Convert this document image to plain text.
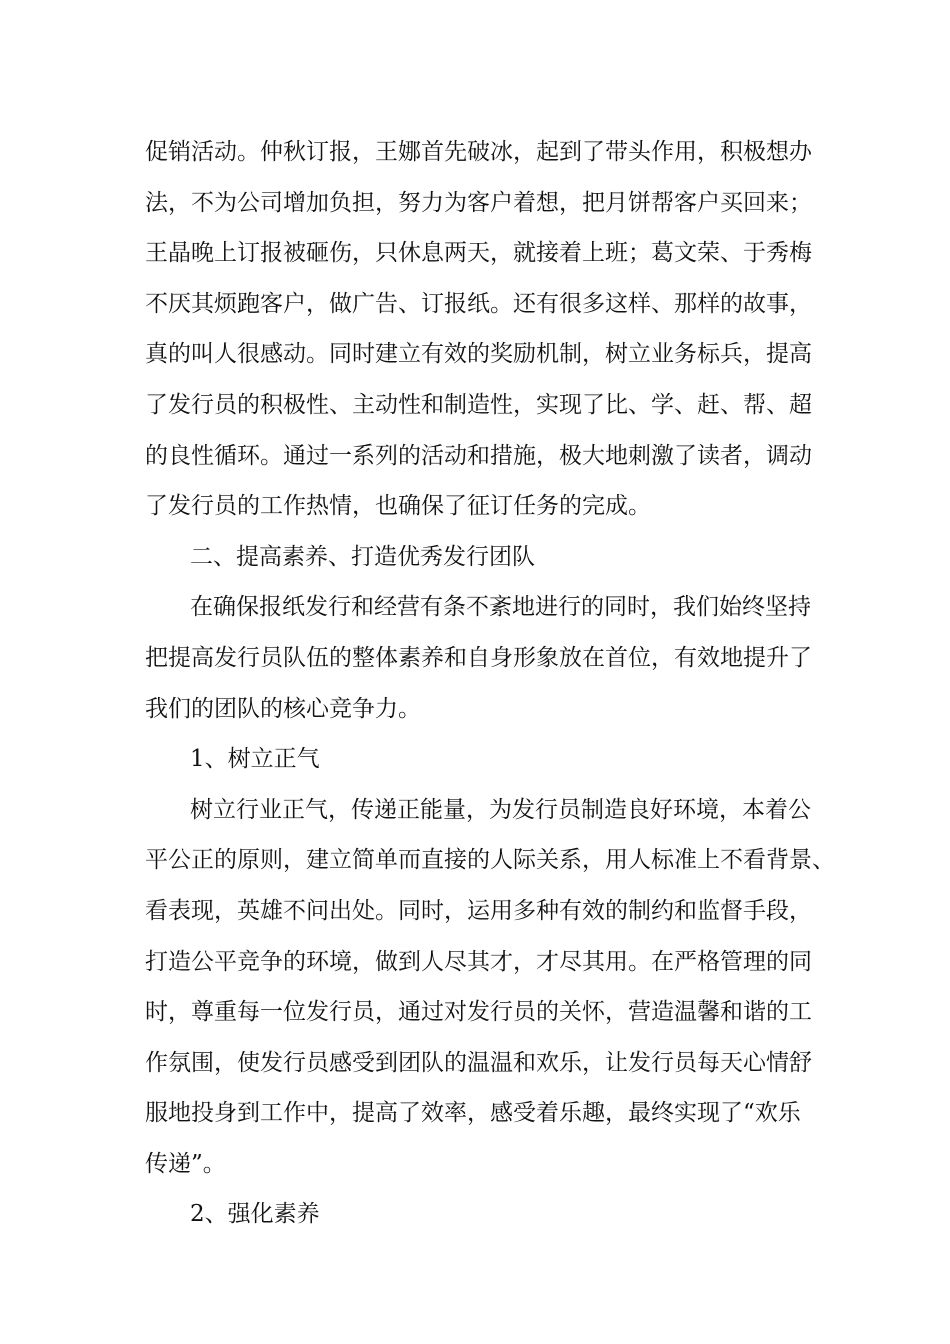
促销活动。仲秋订报，王娜首先破冰，起到了带头作用，积极想办
法，不为公司增加负担，努力为客户着想，把月饼帮客户买回来；
王晶晚上订报被砸伤，只休息两天，就接着上班；葛文荣、于秀梅
不厌其烦跑客户，做广告、订报纸。还有很多这样、那样的故事，
真的叫人很感动。同时建立有效的奖励机制，树立业务标兵，提高
了发行员的积极性、主动性和制造性，实现了比、学、赶、帮、超
的良性循环。通过一系列的活动和措施，极大地刺激了读者，调动
了发行员的工作热情，也确保了征订任务的完成。
二、提高素养、打造优秀发行团队
在确保报纸发行和经营有条不紊地进行的同时，我们始终坚持
把提高发行员队伍的整体素养和自身形象放在首位，有效地提升了
我们的团队的核心竞争力。
1、树立正气
树立行业正气，传递正能量，为发行员制造良好环境，本着公
平公正的原则，建立简单而直接的人际关系，用人标准上不看背景、
看表现，英雄不问出处。同时，运用多种有效的制约和监督手段，
打造公平竞争的环境，做到人尽其才，才尽其用。在严格管理的同
时，尊重每一位发行员，通过对发行员的关怀，营造温馨和谐的工
作氛围，使发行员感受到团队的温温和欢乐，让发行员每天心情舒
服地投身到工作中，提高了效率，感受着乐趣，最终实现了“欢乐
传递”。
2、强化素养
